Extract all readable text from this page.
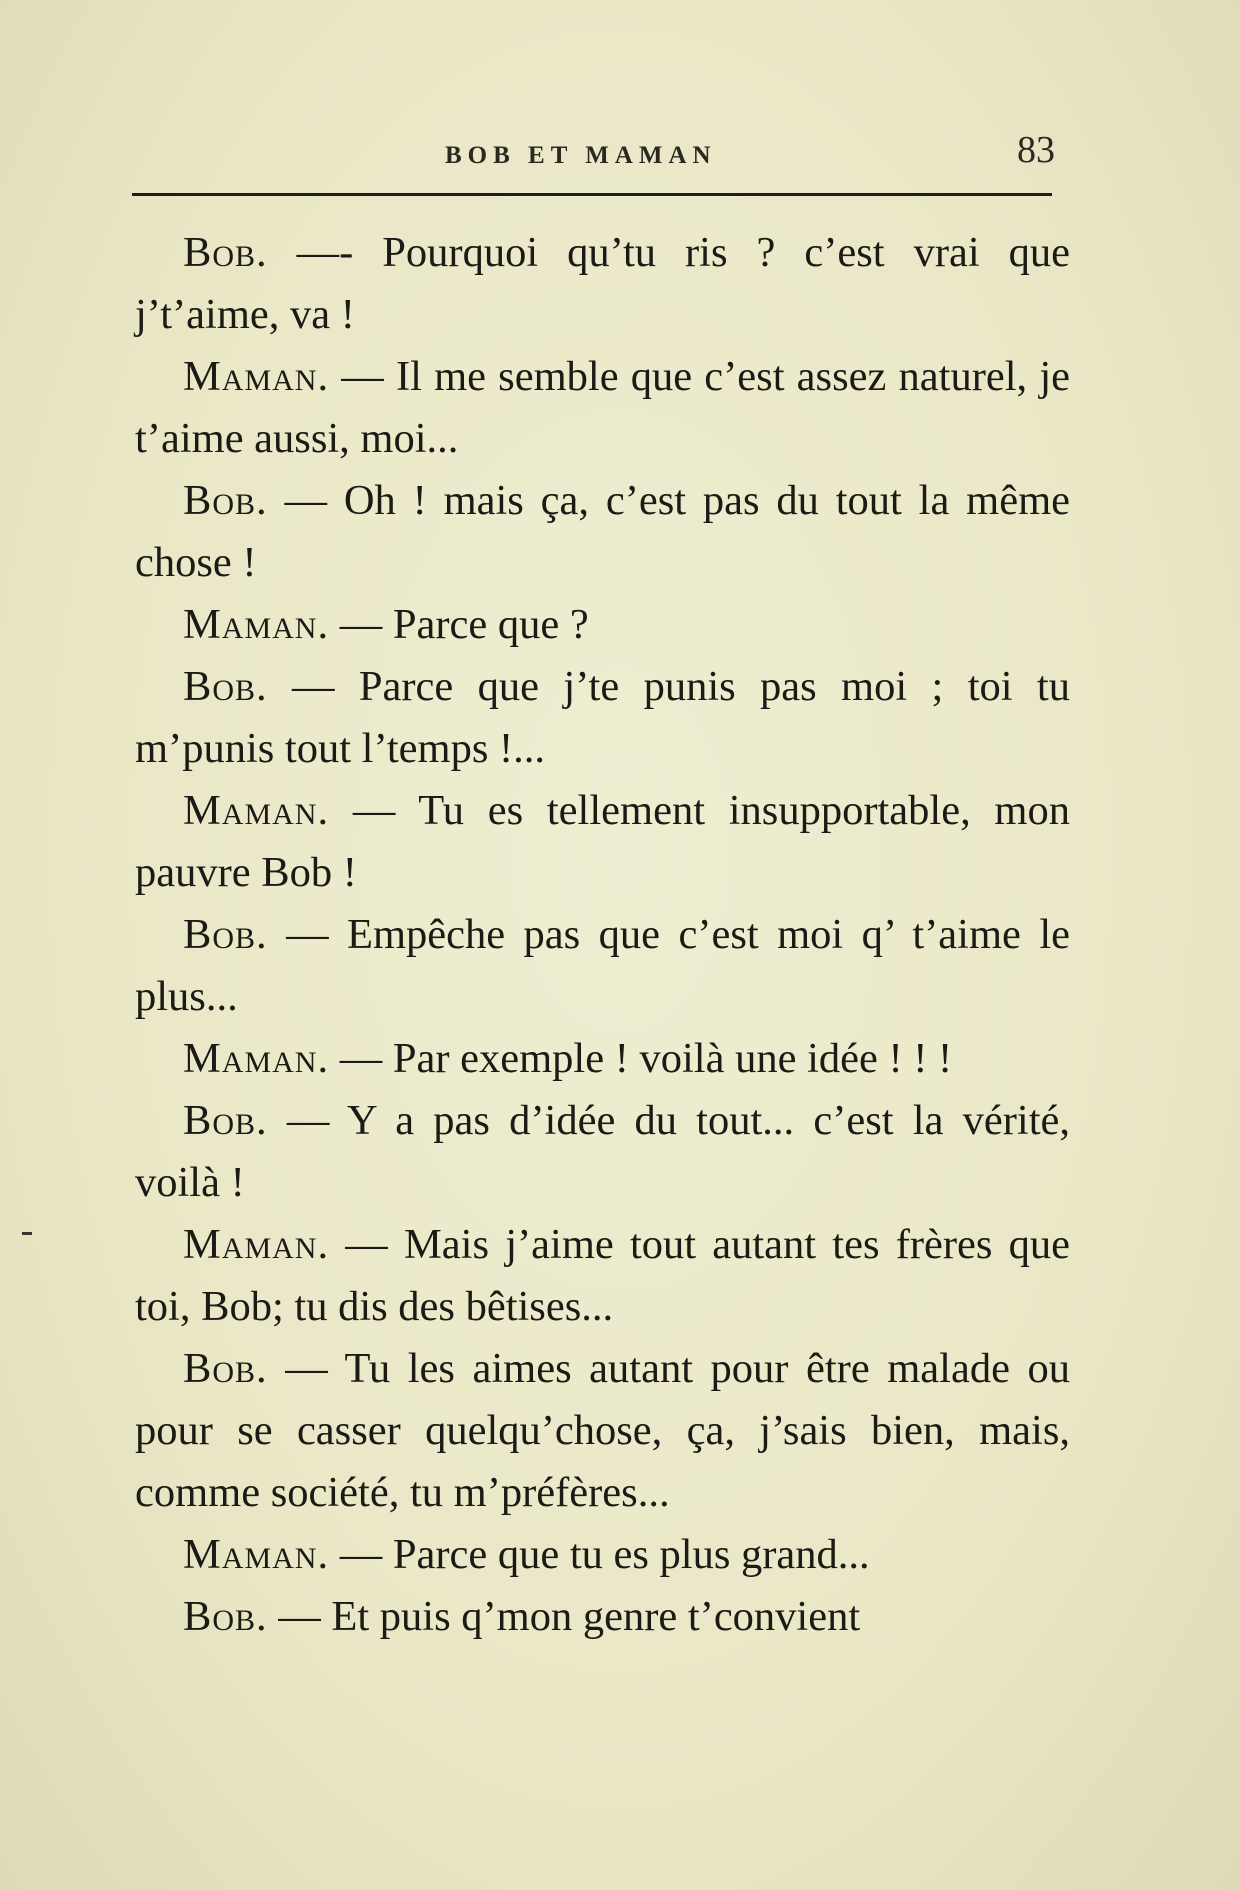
BOB ET MAMAN	83

Bob. —- Pourquoi qu’tu ris ? c’est vrai que j’t’aime, va !

Maman. — Il me semble que c’est assez naturel, je t’aime aussi, moi...

Bob. — Oh ! mais ça, c’est pas du tout la même chose !

Maman. — Parce que ?

Bob. — Parce que j’te punis pas moi ; toi tu m’punis tout l’temps !...

Maman. — Tu es tellement insupportable, mon pauvre Bob !

Bob. — Empêche pas que c’est moi q’ t’aime le plus...

Maman. — Par exemple ! voilà une idée ! ! !

Bob. — Y a pas d’idée du tout... c’est la vérité, voilà !

Maman. — Mais j’aime tout autant tes frères que toi, Bob; tu dis des bêtises...

Bob. — Tu les aimes autant pour être malade ou pour se casser quelqu’chose, ça, j’sais bien, mais, comme société, tu m’préfères...

Maman. — Parce que tu es plus grand...

Bob. — Et puis q’mon genre t’convient
